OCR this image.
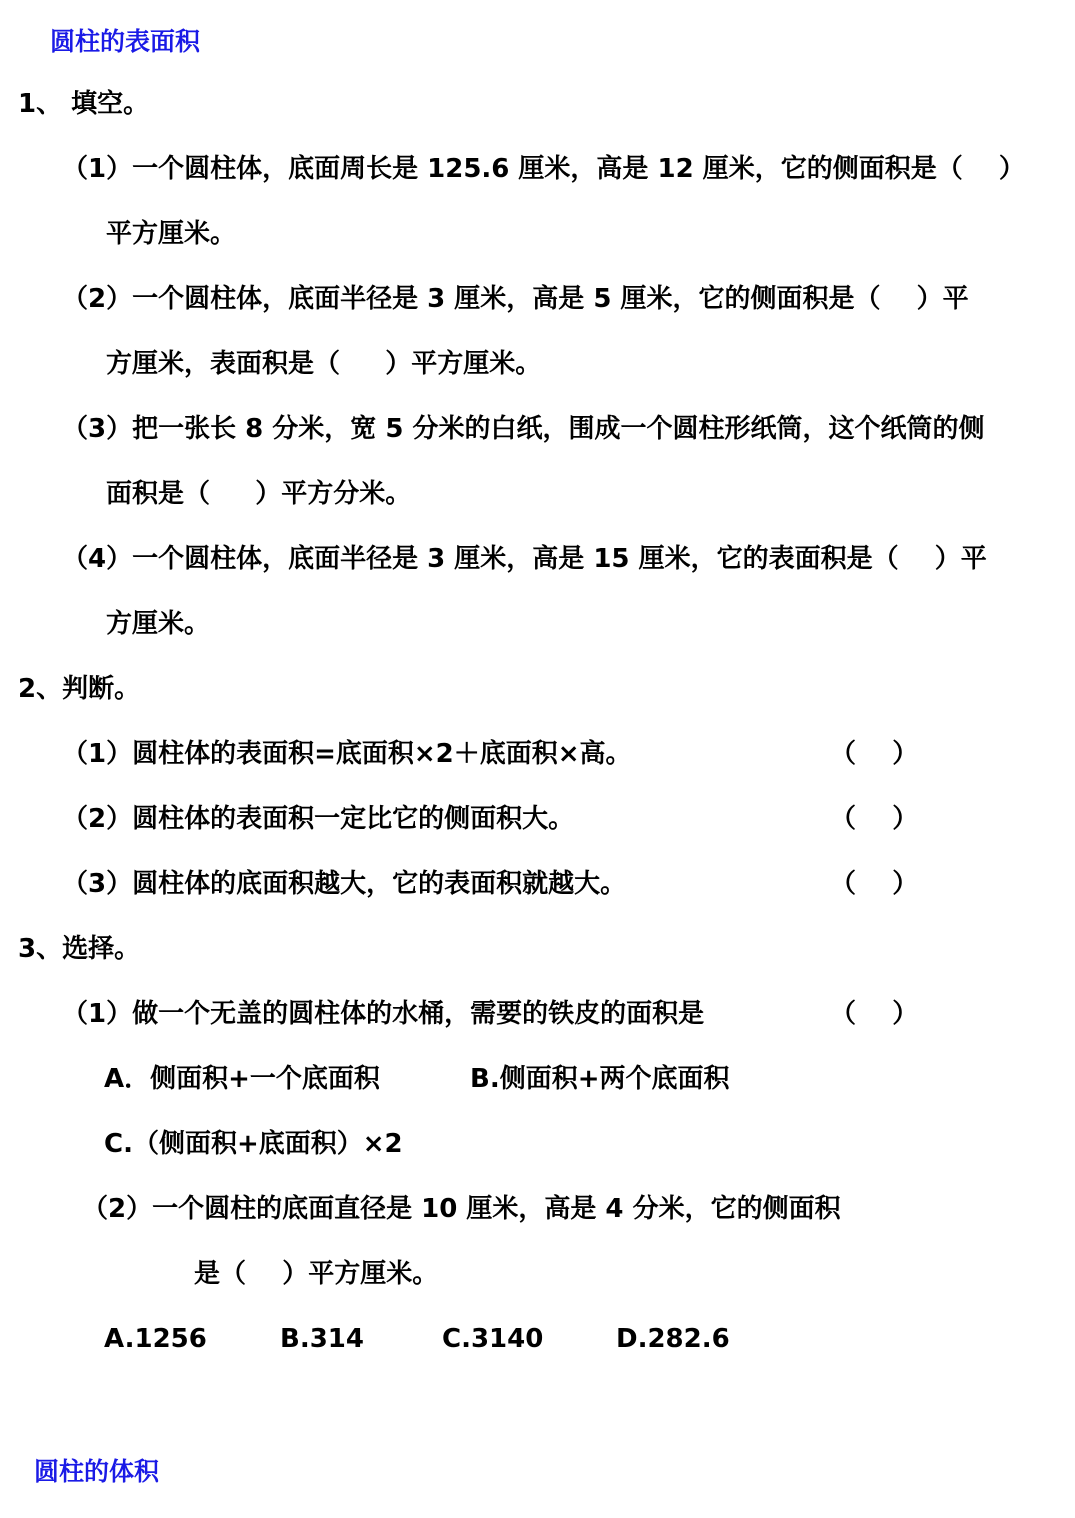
圆柱的表面积
1、 填空。
（1）一个圆柱体，底面周长是 125.6 厘米，高是 12 厘米，它的侧面积是（    ）
平方厘米。
（2）一个圆柱体，底面半径是 3 厘米，高是 5 厘米，它的侧面积是（    ）平
方厘米，表面积是（     ）平方厘米。
（3）把一张长 8 分米，宽 5 分米的白纸，围成一个圆柱形纸筒，这个纸筒的侧
面积是（     ）平方分米。
（4）一个圆柱体，底面半径是 3 厘米，高是 15 厘米，它的表面积是（    ）平
方厘米。
2、判断。
（1）圆柱体的表面积=底面积×2＋底面积×高。	（    ）
（2）圆柱体的表面积一定比它的侧面积大。	（    ）
（3）圆柱体的底面积越大，它的表面积就越大。	（    ）
3、选择。
（1）做一个无盖的圆柱体的水桶，需要的铁皮的面积是	（    ）
A．侧面积+一个底面积	B.侧面积+两个底面积
C.（侧面积+底面积）×2
（2）一个圆柱的底面直径是 10 厘米，高是 4 分米，它的侧面积
是（    ）平方厘米。
A.1256	B.314	C.3140	D.282.6
圆柱的体积
